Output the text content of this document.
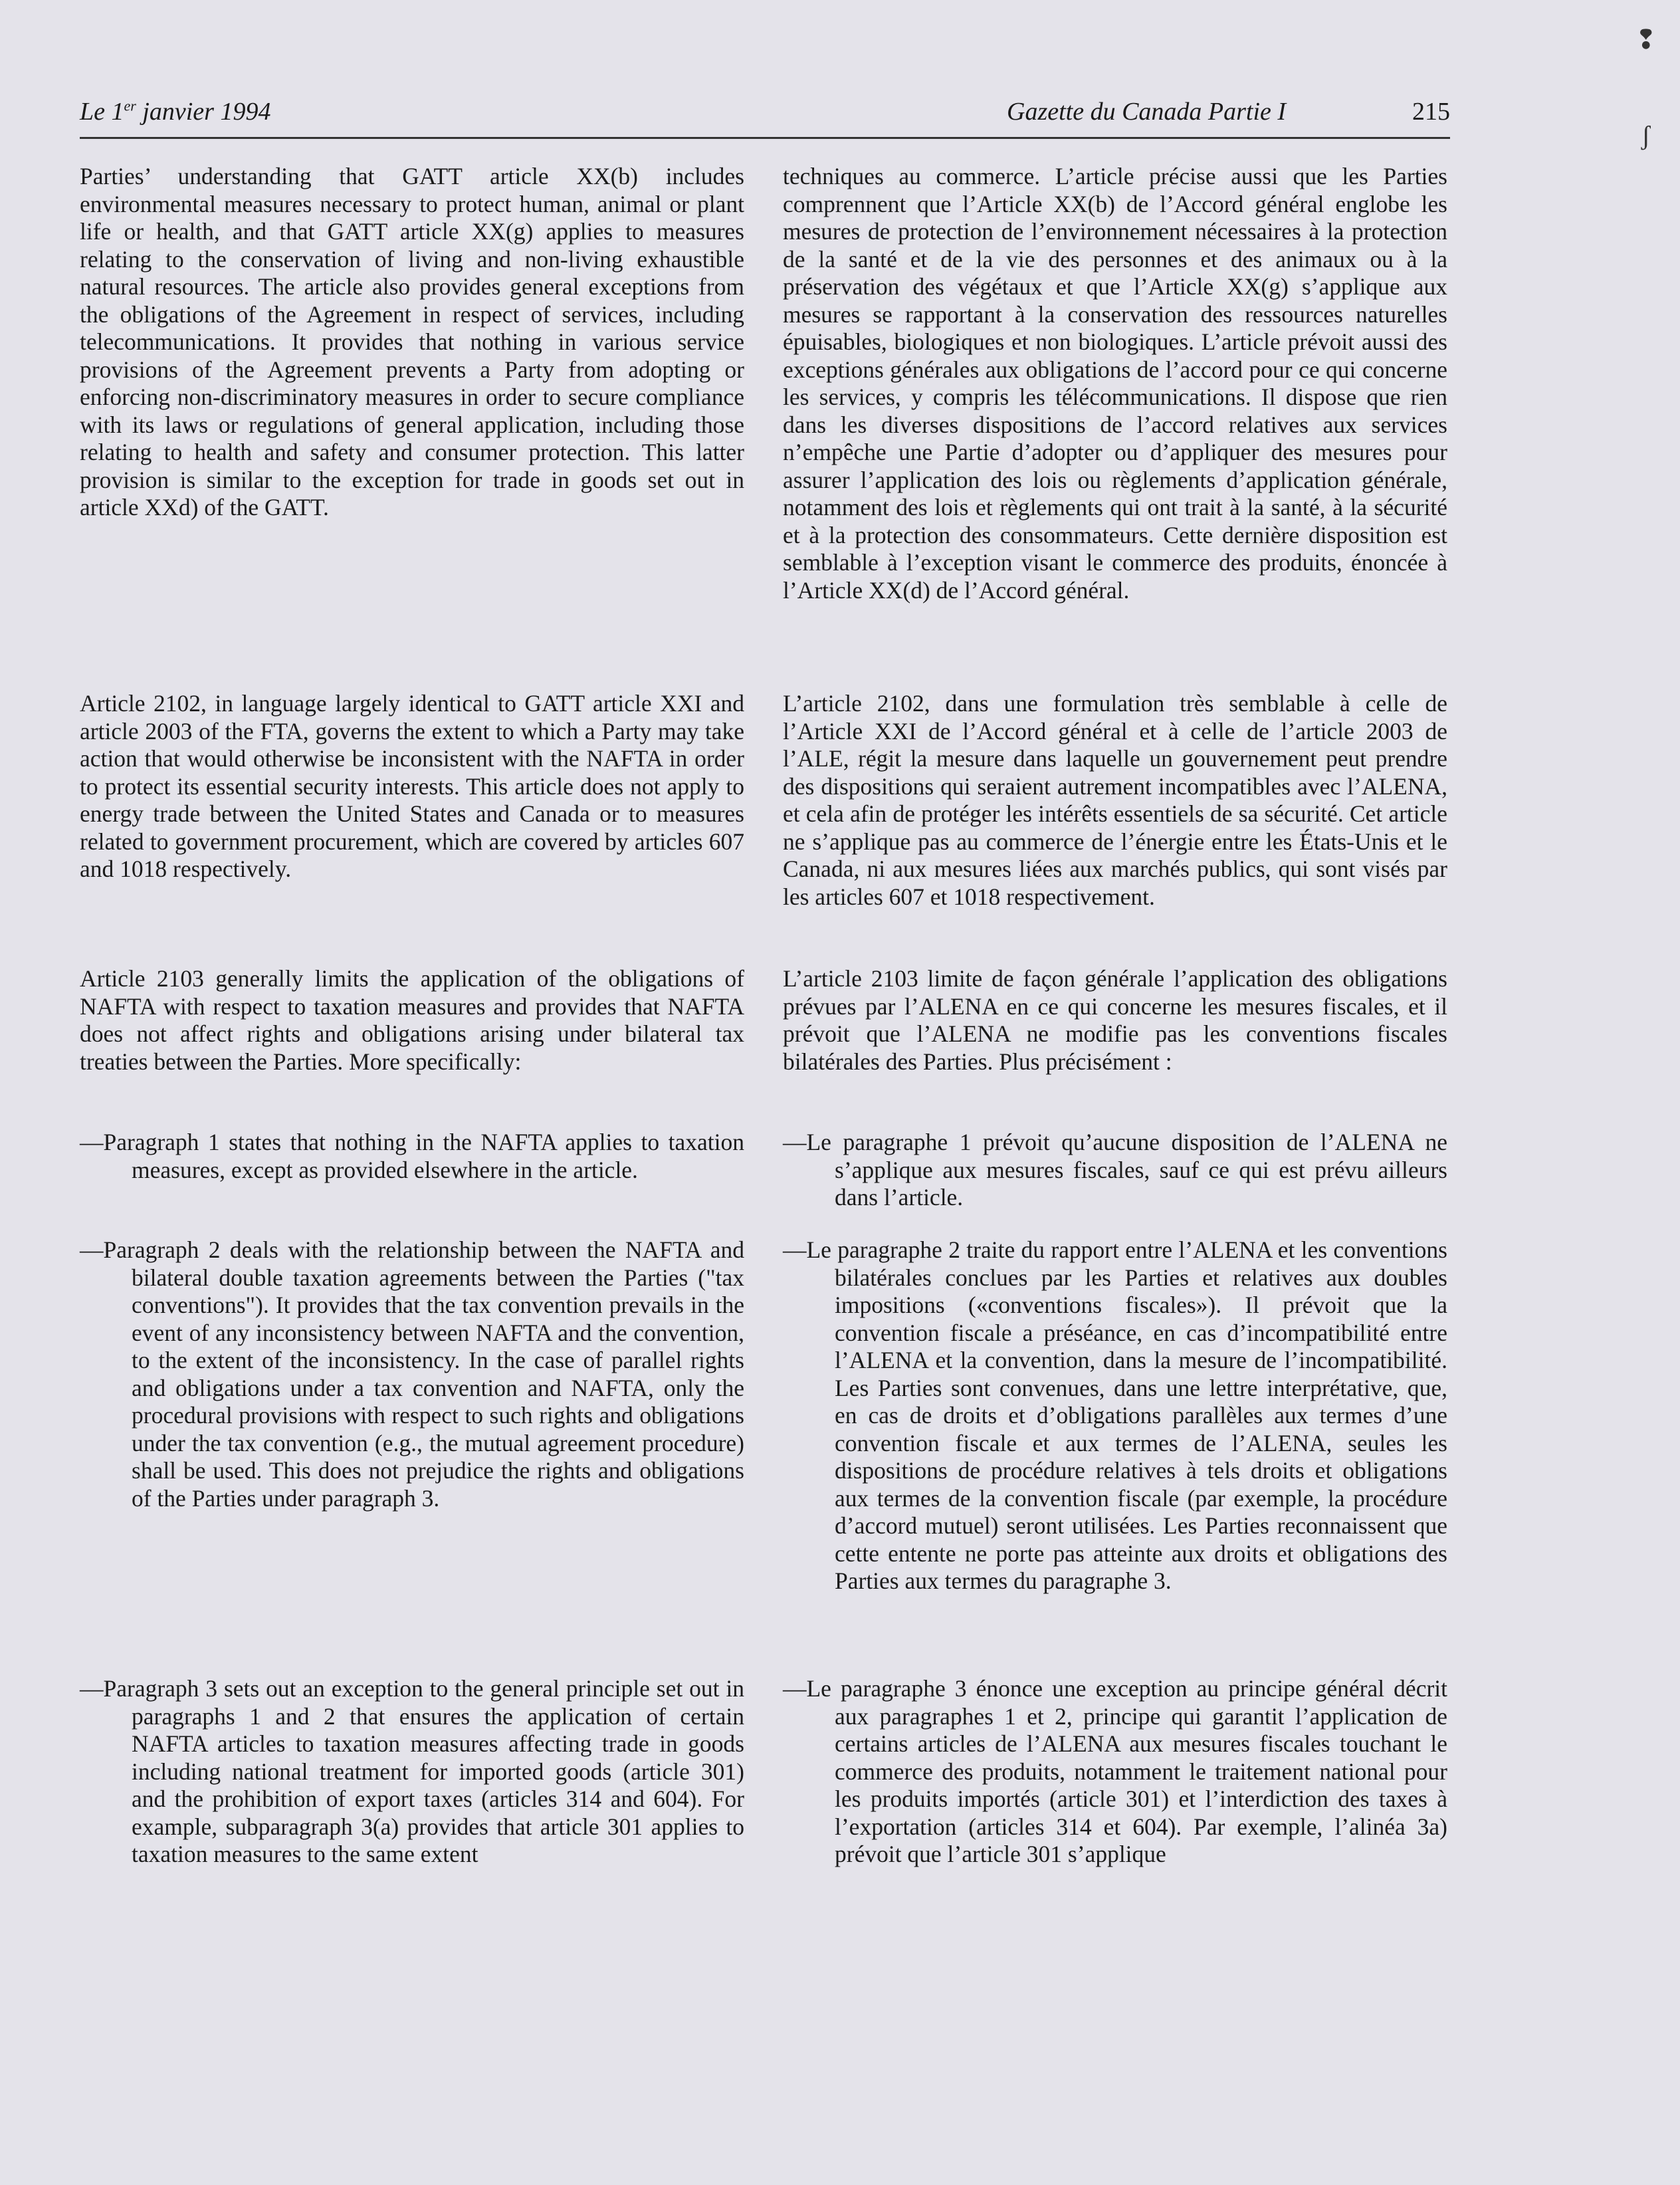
❢
ʃ
Le 1er janvier 1994	Gazette du Canada Partie I	215

Parties’ understanding that GATT article XX(b) includes environmental measures necessary to protect human, animal or plant life or health, and that GATT article XX(g) applies to measures relating to the conservation of living and non-living exhaustible natural resources. The article also provides general exceptions from the obligations of the Agreement in respect of services, including telecommunications. It provides that nothing in various service provisions of the Agreement prevents a Party from adopting or enforcing non-discriminatory measures in order to secure compliance with its laws or regulations of general application, including those relating to health and safety and consumer protection. This latter provision is similar to the exception for trade in goods set out in article XXd) of the GATT.

Article 2102, in language largely identical to GATT article XXI and article 2003 of the FTA, governs the extent to which a Party may take action that would otherwise be inconsistent with the NAFTA in order to protect its essential security interests. This article does not apply to energy trade between the United States and Canada or to measures related to government procurement, which are covered by articles 607 and 1018 respectively.

Article 2103 generally limits the application of the obligations of NAFTA with respect to taxation measures and provides that NAFTA does not affect rights and obligations arising under bilateral tax treaties between the Parties. More specifically:

—Paragraph 1 states that nothing in the NAFTA applies to taxation measures, except as provided elsewhere in the article.

—Paragraph 2 deals with the relationship between the NAFTA and bilateral double taxation agreements between the Parties ("tax conventions"). It provides that the tax convention prevails in the event of any inconsistency between NAFTA and the convention, to the extent of the inconsistency. In the case of parallel rights and obligations under a tax convention and NAFTA, only the procedural provisions with respect to such rights and obligations under the tax convention (e.g., the mutual agreement procedure) shall be used. This does not prejudice the rights and obligations of the Parties under paragraph 3.

—Paragraph 3 sets out an exception to the general principle set out in paragraphs 1 and 2 that ensures the application of certain NAFTA articles to taxation measures affecting trade in goods including national treatment for imported goods (article 301) and the prohibition of export taxes (articles 314 and 604). For example, subparagraph 3(a) provides that article 301 applies to taxation measures to the same extent

techniques au commerce. L’article précise aussi que les Parties comprennent que l’Article XX(b) de l’Accord général englobe les mesures de protection de l’environnement nécessaires à la protection de la santé et de la vie des personnes et des animaux ou à la préservation des végétaux et que l’Article XX(g) s’applique aux mesures se rapportant à la conservation des ressources naturelles épuisables, biologiques et non biologiques. L’article prévoit aussi des exceptions générales aux obligations de l’accord pour ce qui concerne les services, y compris les télécommunications. Il dispose que rien dans les diverses dispositions de l’accord relatives aux services n’empêche une Partie d’adopter ou d’appliquer des mesures pour assurer l’application des lois ou règlements d’application générale, notamment des lois et règlements qui ont trait à la santé, à la sécurité et à la protection des consommateurs. Cette dernière disposition est semblable à l’exception visant le commerce des produits, énoncée à l’Article XX(d) de l’Accord général.

L’article 2102, dans une formulation très semblable à celle de l’Article XXI de l’Accord général et à celle de l’article 2003 de l’ALE, régit la mesure dans laquelle un gouvernement peut prendre des dispositions qui seraient autrement incompatibles avec l’ALENA, et cela afin de protéger les intérêts essentiels de sa sécurité. Cet article ne s’applique pas au commerce de l’énergie entre les États-Unis et le Canada, ni aux mesures liées aux marchés publics, qui sont visés par les articles 607 et 1018 respectivement.

L’article 2103 limite de façon générale l’application des obligations prévues par l’ALENA en ce qui concerne les mesures fiscales, et il prévoit que l’ALENA ne modifie pas les conventions fiscales bilatérales des Parties. Plus précisément :

—Le paragraphe 1 prévoit qu’aucune disposition de l’ALENA ne s’applique aux mesures fiscales, sauf ce qui est prévu ailleurs dans l’article.

—Le paragraphe 2 traite du rapport entre l’ALENA et les conventions bilatérales conclues par les Parties et relatives aux doubles impositions («conventions fiscales»). Il prévoit que la convention fiscale a préséance, en cas d’incompatibilité entre l’ALENA et la convention, dans la mesure de l’incompatibilité. Les Parties sont convenues, dans une lettre interprétative, que, en cas de droits et d’obligations parallèles aux termes d’une convention fiscale et aux termes de l’ALENA, seules les dispositions de procédure relatives à tels droits et obligations aux termes de la convention fiscale (par exemple, la procédure d’accord mutuel) seront utilisées. Les Parties reconnaissent que cette entente ne porte pas atteinte aux droits et obligations des Parties aux termes du paragraphe 3.

—Le paragraphe 3 énonce une exception au principe général décrit aux paragraphes 1 et 2, principe qui garantit l’application de certains articles de l’ALENA aux mesures fiscales touchant le commerce des produits, notamment le traitement national pour les produits importés (article 301) et l’interdiction des taxes à l’exportation (articles 314 et 604). Par exemple, l’alinéa 3a) prévoit que l’article 301 s’applique
